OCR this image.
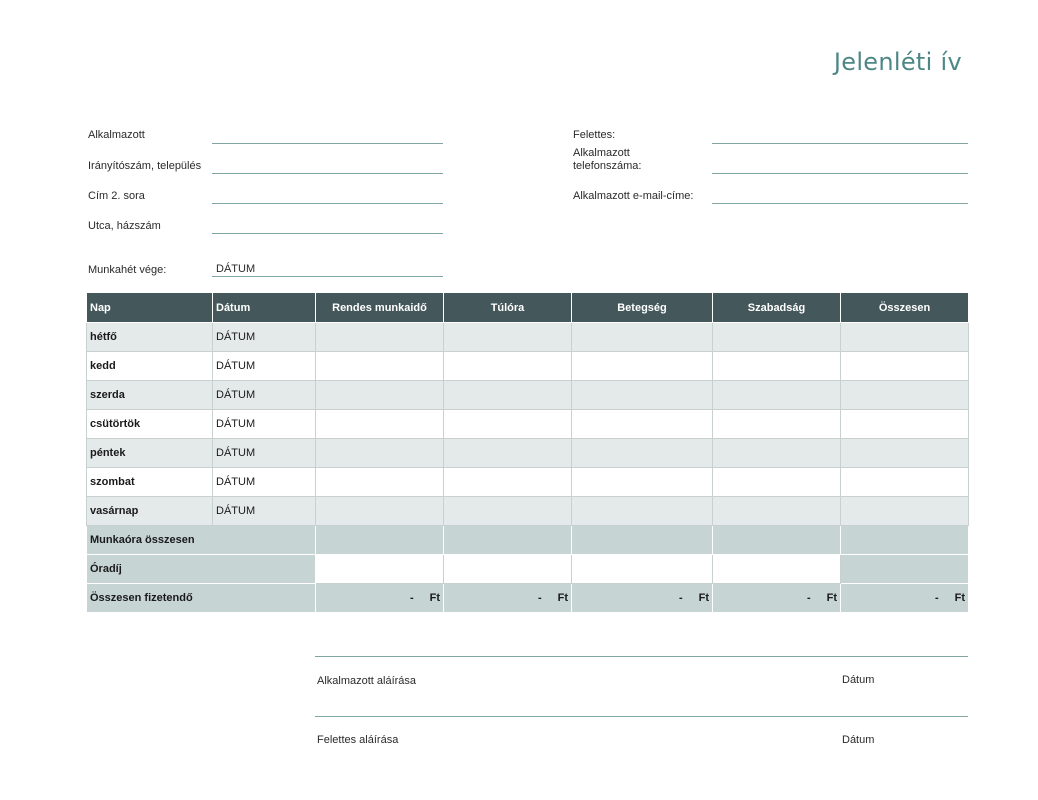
Jelenléti ív
Alkalmazott
Irányítószám, település
Cím 2. sora
Utca, házszám
Felettes:
Alkalmazott
telefonszáma:
Alkalmazott e-mail-címe:
Munkahét vége:	DÁTUM
Nap	Dátum	Rendes munkaidő	Túlóra	Betegség	Szabadság	Összesen
hétfő	DÁTUM					
kedd	DÁTUM					
szerda	DÁTUM					
csütörtök	DÁTUM					
péntek	DÁTUM					
szombat	DÁTUM					
vasárnap	DÁTUM					
Munkaóra összesen						
Óradíj						
Összesen fizetendő		- Ft	- Ft	- Ft	- Ft	- Ft
Alkalmazott aláírása	Dátum
Felettes aláírása	Dátum
